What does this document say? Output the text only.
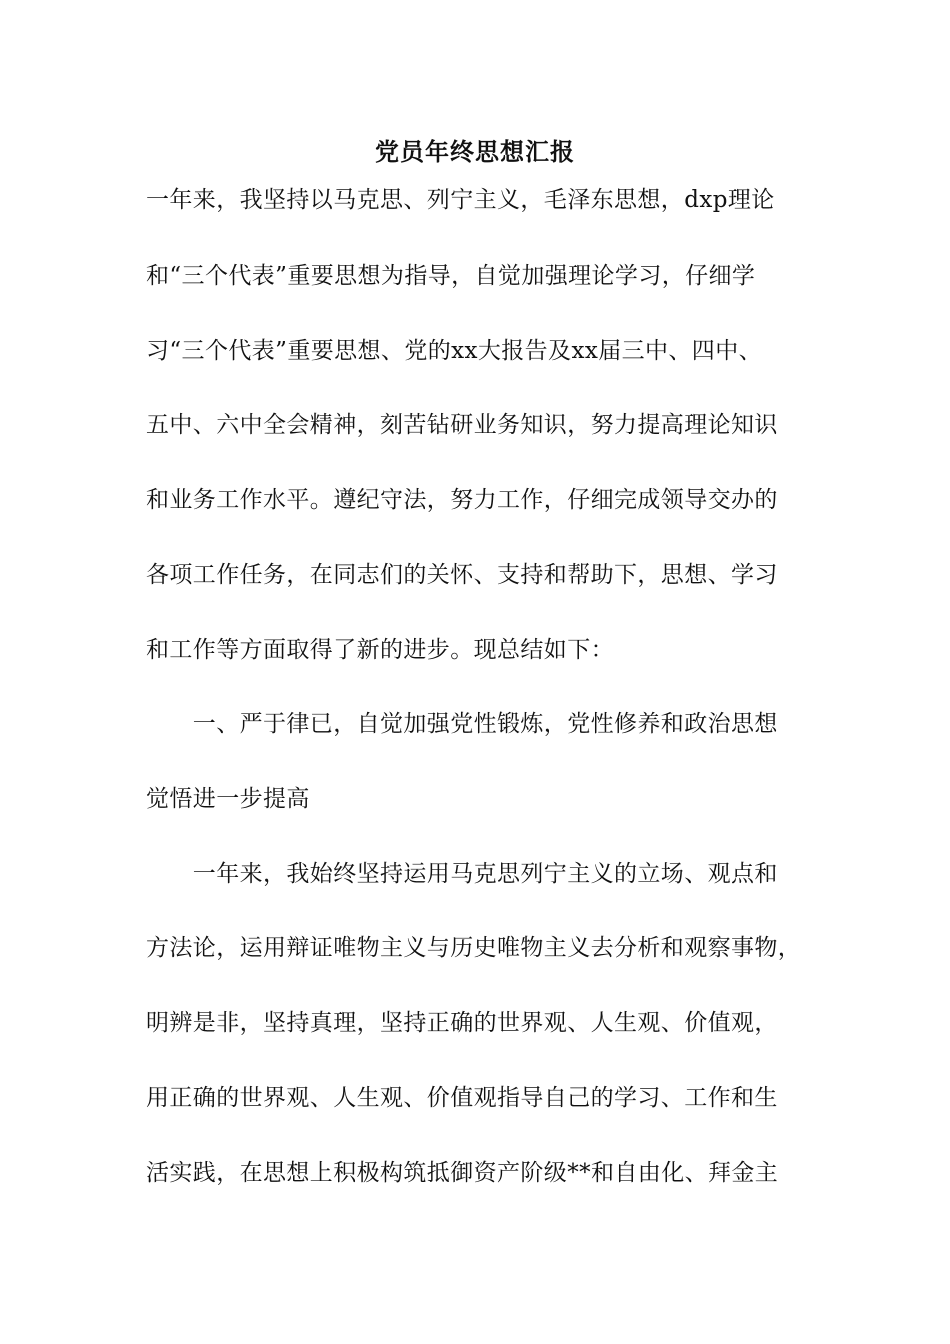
党员年终思想汇报
一年来，我坚持以马克思、列宁主义，毛泽东思想，dxp理论
和“三个代表”重要思想为指导，自觉加强理论学习，仔细学
习“三个代表”重要思想、党的xx大报告及xx届三中、四中、
五中、六中全会精神，刻苦钻研业务知识，努力提高理论知识
和业务工作水平。遵纪守法，努力工作，仔细完成领导交办的
各项工作任务，在同志们的关怀、支持和帮助下，思想、学习
和工作等方面取得了新的进步。现总结如下：
　　一、严于律已，自觉加强党性锻炼，党性修养和政治思想
觉悟进一步提高
　　一年来，我始终坚持运用马克思列宁主义的立场、观点和
方法论，运用辩证唯物主义与历史唯物主义去分析和观察事物，
明辨是非，坚持真理，坚持正确的世界观、人生观、价值观，
用正确的世界观、人生观、价值观指导自己的学习、工作和生
活实践，在思想上积极构筑抵御资产阶级**和自由化、拜金主
